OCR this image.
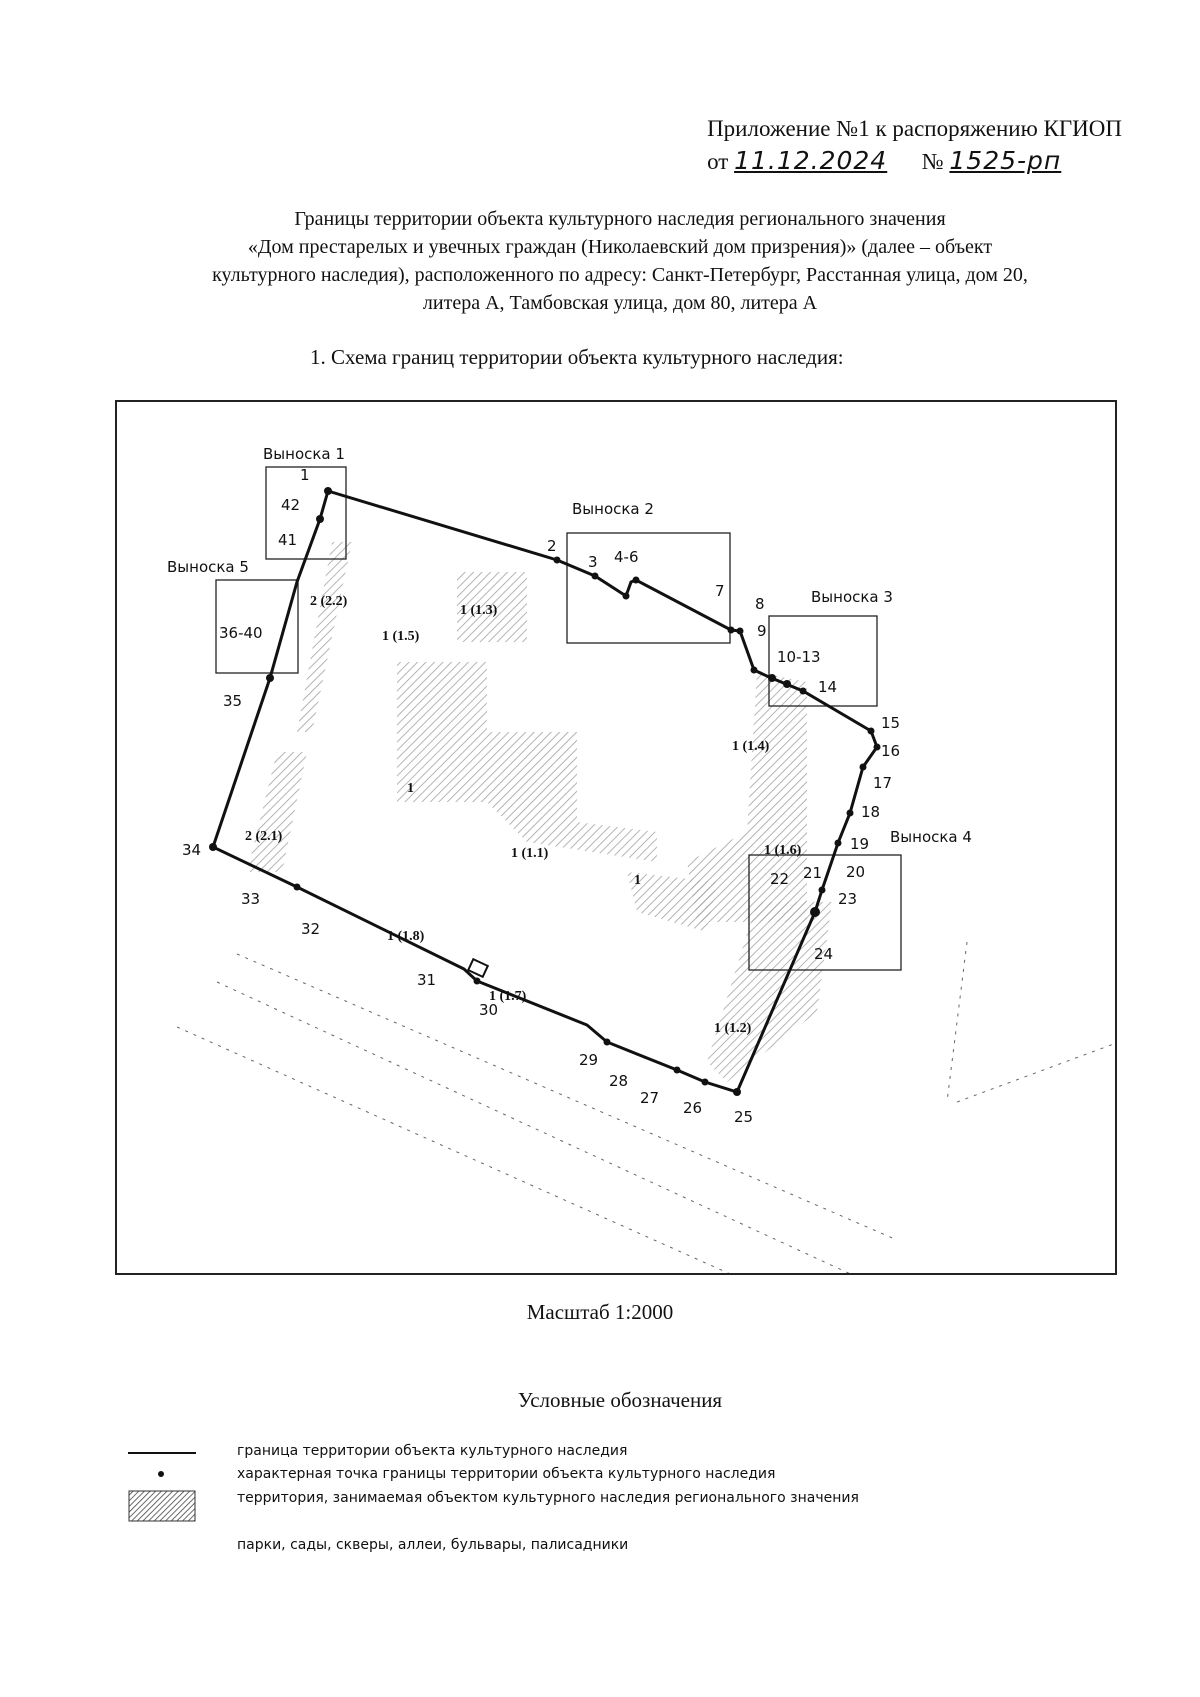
Приложение №1 к распоряжению КГИОП
от 11.12.2024 № 1525-рп
Границы территории объекта культурного наследия регионального значения
«Дом престарелых и увечных граждан (Николаевский дом призрения)» (далее – объект
культурного наследия), расположенного по адресу: Санкт-Петербург, Расстанная улица, дом 20,
литера А, Тамбовская улица, дом 80, литера А
1. Схема границ территории объекта культурного наследия:
Выноска 1
Выноска 2
Выноска 3
Выноска 4
Выноска 5
1
42
41
4-6
10-13
22
36-40
2
3
7
8
9
14
15
16
17
18
19
20
21
23
24
25
26
27
28
29
30
31
32
33
34
35
1 (1.1)
1 (1.2)
1 (1.3)
1 (1.4)
1 (1.5)
1 (1.6)
1 (1.7)
1 (1.8)
2 (2.1)
2 (2.2)
1
1
Масштаб 1:2000
Условные обозначения
граница территории объекта культурного наследия
характерная точка границы территории объекта культурного наследия
территория, занимаемая объектом культурного наследия регионального значения
парки, сады, скверы, аллеи, бульвары, палисадники
